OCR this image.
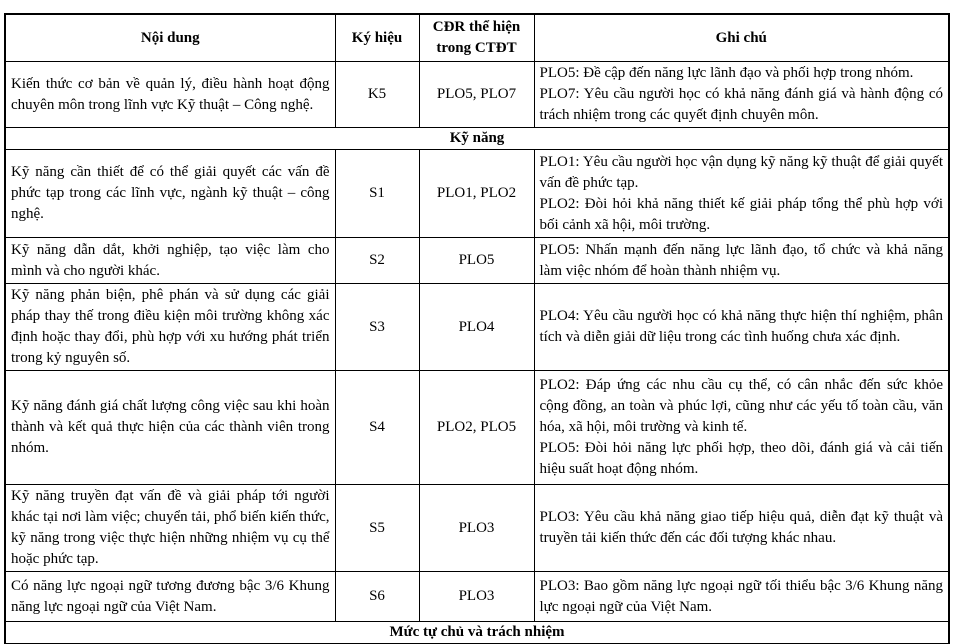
Nội dung	Ký hiệu	CĐR thể hiện trong CTĐT	Ghi chú

Kiến thức cơ bản về quản lý, điều hành hoạt động chuyên môn trong lĩnh vực Kỹ thuật – Công nghệ.	K5	PLO5, PLO7	PLO5: Đề cập đến năng lực lãnh đạo và phối hợp trong nhóm.
PLO7: Yêu cầu người học có khả năng đánh giá và hành động có trách nhiệm trong các quyết định chuyên môn.

Kỹ năng			

Kỹ năng cần thiết để có thể giải quyết các vấn đề phức tạp trong các lĩnh vực, ngành kỹ thuật – công nghệ.	S1	PLO1, PLO2	PLO1: Yêu cầu người học vận dụng kỹ năng kỹ thuật để giải quyết vấn đề phức tạp.
PLO2: Đòi hỏi khả năng thiết kế giải pháp tổng thể phù hợp với bối cảnh xã hội, môi trường.

Kỹ năng dẫn dắt, khởi nghiệp, tạo việc làm cho mình và cho người khác.	S2	PLO5	PLO5: Nhấn mạnh đến năng lực lãnh đạo, tổ chức và khả năng làm việc nhóm để hoàn thành nhiệm vụ.

Kỹ năng phản biện, phê phán và sử dụng các giải pháp thay thế trong điều kiện môi trường không xác định hoặc thay đổi, phù hợp với xu hướng phát triển trong kỷ nguyên số.	S3	PLO4	PLO4: Yêu cầu người học có khả năng thực hiện thí nghiệm, phân tích và diễn giải dữ liệu trong các tình huống chưa xác định.

Kỹ năng đánh giá chất lượng công việc sau khi hoàn thành và kết quả thực hiện của các thành viên trong nhóm.	S4	PLO2, PLO5	PLO2: Đáp ứng các nhu cầu cụ thể, có cân nhắc đến sức khỏe cộng đồng, an toàn và phúc lợi, cũng như các yếu tố toàn cầu, văn hóa, xã hội, môi trường và kinh tế.
PLO5: Đòi hỏi năng lực phối hợp, theo dõi, đánh giá và cải tiến hiệu suất hoạt động nhóm.

Kỹ năng truyền đạt vấn đề và giải pháp tới người khác tại nơi làm việc; chuyển tải, phổ biến kiến thức, kỹ năng trong việc thực hiện những nhiệm vụ cụ thể hoặc phức tạp.	S5	PLO3	PLO3: Yêu cầu khả năng giao tiếp hiệu quả, diễn đạt kỹ thuật và truyền tải kiến thức đến các đối tượng khác nhau.

Có năng lực ngoại ngữ tương đương bậc 3/6 Khung năng lực ngoại ngữ của Việt Nam.	S6	PLO3	PLO3: Bao gồm năng lực ngoại ngữ tối thiểu bậc 3/6 Khung năng lực ngoại ngữ của Việt Nam.

Mức tự chủ và trách nhiệm			
